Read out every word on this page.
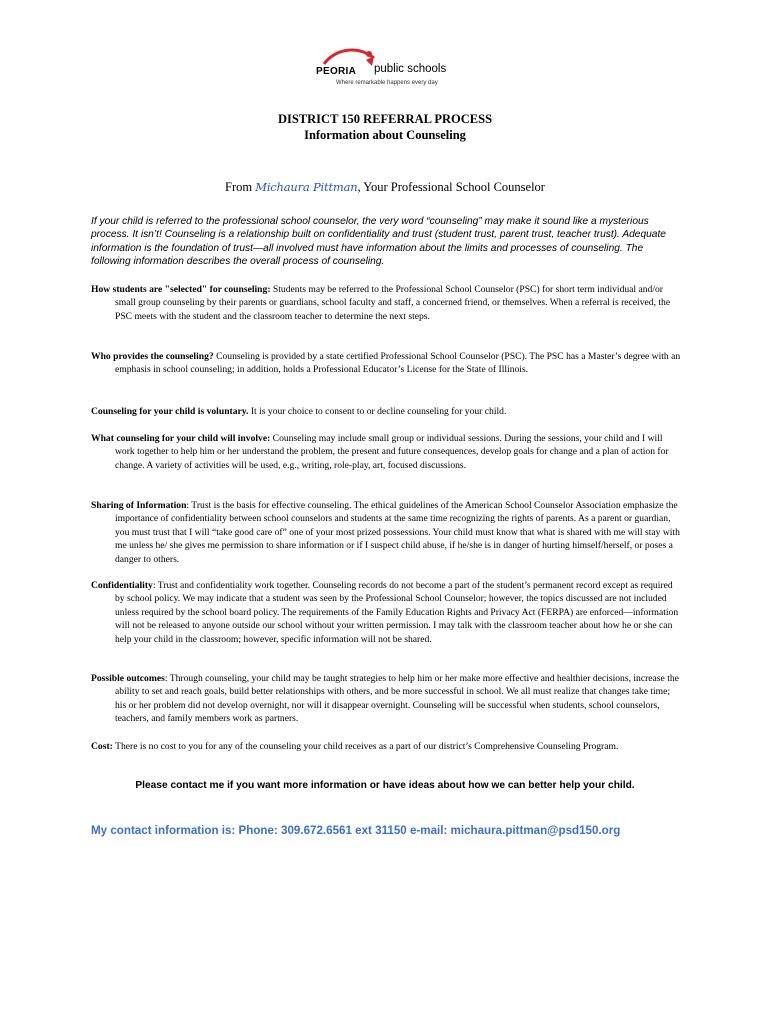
PEORIA public schools
Where remarkable happens every day
DISTRICT 150 REFERRAL PROCESS
Information about Counseling
From Michaura Pittman, Your Professional School Counselor
If your child is referred to the professional school counselor, the very word “counseling” may make it sound like a mysterious process. It isn’t! Counseling is a relationship built on confidentiality and trust (student trust, parent trust, teacher trust). Adequate information is the foundation of trust—all involved must have information about the limits and processes of counseling. The following information describes the overall process of counseling.
How students are "selected" for counseling: Students may be referred to the Professional School Counselor (PSC) for short term individual and/or small group counseling by their parents or guardians, school faculty and staff, a concerned friend, or themselves. When a referral is received, the PSC meets with the student and the classroom teacher to determine the next steps.
Who provides the counseling? Counseling is provided by a state certified Professional School Counselor (PSC). The PSC has a Master’s degree with an emphasis in school counseling; in addition, holds a Professional Educator’s License for the State of Illinois.
Counseling for your child is voluntary. It is your choice to consent to or decline counseling for your child.
What counseling for your child will involve: Counseling may include small group or individual sessions. During the sessions, your child and I will work together to help him or her understand the problem, the present and future consequences, develop goals for change and a plan of action for change. A variety of activities will be used, e.g., writing, role-play, art, focused discussions.
Sharing of Information: Trust is the basis for effective counseling. The ethical guidelines of the American School Counselor Association emphasize the importance of confidentiality between school counselors and students at the same time recognizing the rights of parents. As a parent or guardian, you must trust that I will “take good care of” one of your most prized possessions. Your child must know that what is shared with me will stay with me unless he/ she gives me permission to share information or if I suspect child abuse, if he/she is in danger of hurting himself/herself, or poses a danger to others.
Confidentiality: Trust and confidentiality work together. Counseling records do not become a part of the student’s permanent record except as required by school policy. We may indicate that a student was seen by the Professional School Counselor; however, the topics discussed are not included unless required by the school board policy. The requirements of the Family Education Rights and Privacy Act (FERPA) are enforced—information will not be released to anyone outside our school without your written permission. I may talk with the classroom teacher about how he or she can help your child in the classroom; however, specific information will not be shared.
Possible outcomes: Through counseling, your child may be taught strategies to help him or her make more effective and healthier decisions, increase the ability to set and reach goals, build better relationships with others, and be more successful in school. We all must realize that changes take time; his or her problem did not develop overnight, nor will it disappear overnight. Counseling will be successful when students, school counselors, teachers, and family members work as partners.
Cost: There is no cost to you for any of the counseling your child receives as a part of our district’s Comprehensive Counseling Program.
Please contact me if you want more information or have ideas about how we can better help your child.
My contact information is: Phone: 309.672.6561 ext 31150 e-mail: michaura.pittman@psd150.org
